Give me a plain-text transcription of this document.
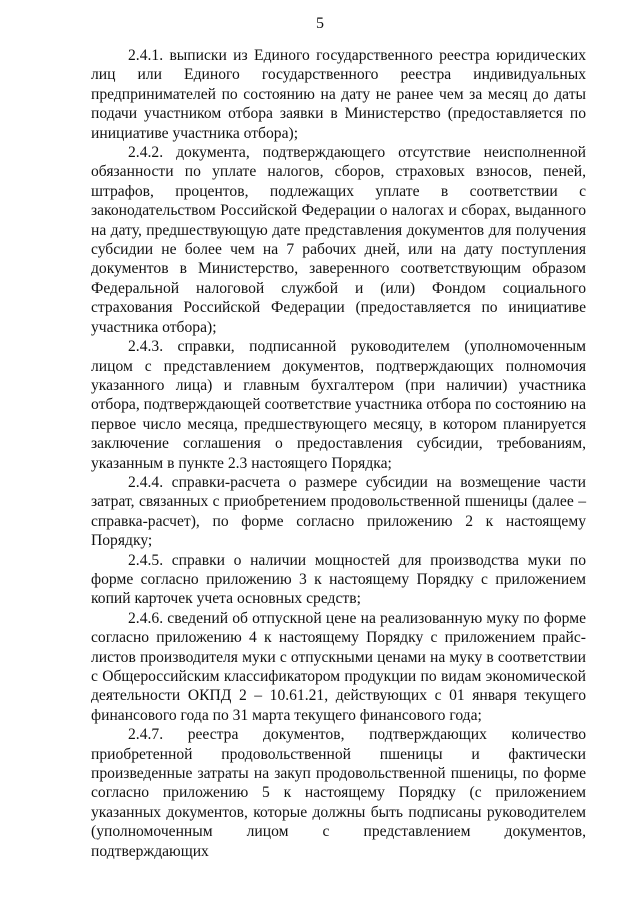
5

2.4.1. выписки из Единого государственного реестра юридических лиц или Единого государственного реестра индивидуальных предпринимателей по состоянию на дату не ранее чем за месяц до даты подачи участником отбора заявки в Министерство (предоставляется по инициативе участника отбора);

2.4.2. документа, подтверждающего отсутствие неисполненной обязанности по уплате налогов, сборов, страховых взносов, пеней, штрафов, процентов, подлежащих уплате в соответствии с законодательством Российской Федерации о налогах и сборах, выданного на дату, предшествующую дате представления документов для получения субсидии не более чем на 7 рабочих дней, или на дату поступления документов в Министерство, заверенного соответствующим образом Федеральной налоговой службой и (или) Фондом социального страхования Российской Федерации (предоставляется по инициативе участника отбора);

2.4.3. справки, подписанной руководителем (уполномоченным лицом с представлением документов, подтверждающих полномочия указанного лица) и главным бухгалтером (при наличии) участника отбора, подтверждающей соответствие участника отбора по состоянию на первое число месяца, предшествующего месяцу, в котором планируется заключение соглашения о предоставления субсидии, требованиям, указанным в пункте 2.3 настоящего Порядка;

2.4.4. справки-расчета о размере субсидии на возмещение части затрат, связанных с приобретением продовольственной пшеницы (далее – справка-расчет), по форме согласно приложению 2 к настоящему Порядку;

2.4.5. справки о наличии мощностей для производства муки по форме согласно приложению 3 к настоящему Порядку с приложением копий карточек учета основных средств;

2.4.6. сведений об отпускной цене на реализованную муку по форме согласно приложению 4 к настоящему Порядку с приложением прайс-листов производителя муки с отпускными ценами на муку в соответствии с Общероссийским классификатором продукции по видам экономической деятельности ОКПД 2 – 10.61.21, действующих с 01 января текущего финансового года по 31 марта текущего финансового года;

2.4.7. реестра документов, подтверждающих количество приобретенной продовольственной пшеницы и фактически произведенные затраты на закуп продовольственной пшеницы, по форме согласно приложению 5 к настоящему Порядку (с приложением указанных документов, которые должны быть подписаны руководителем (уполномоченным лицом с представлением документов, подтверждающих
